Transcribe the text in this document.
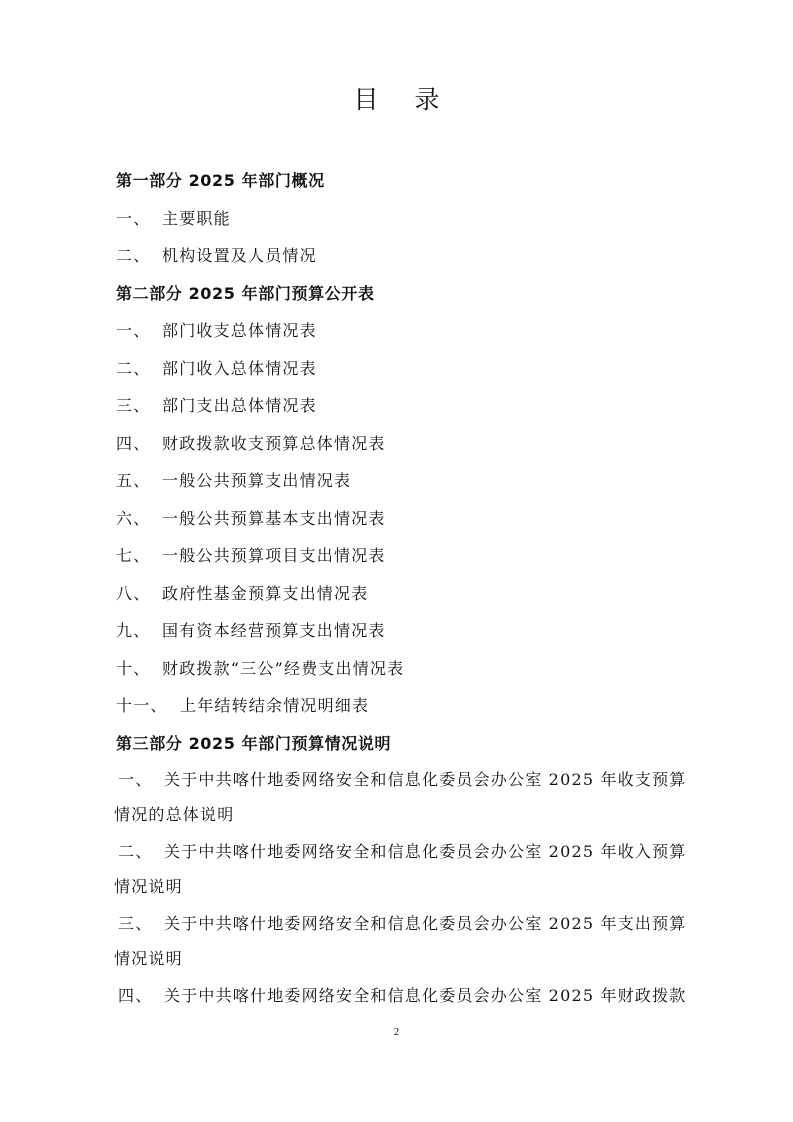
目 录
第一部分 2025 年部门概况
一、 主要职能
二、 机构设置及人员情况
第二部分 2025 年部门预算公开表
一、 部门收支总体情况表
二、 部门收入总体情况表
三、 部门支出总体情况表
四、 财政拨款收支预算总体情况表
五、 一般公共预算支出情况表
六、 一般公共预算基本支出情况表
七、 一般公共预算项目支出情况表
八、 政府性基金预算支出情况表
九、 国有资本经营预算支出情况表
十、 财政拨款“三公”经费支出情况表
十一、 上年结转结余情况明细表
第三部分 2025 年部门预算情况说明
一、 关于中共喀什地委网络安全和信息化委员会办公室 2025 年收支预算
情况的总体说明
二、 关于中共喀什地委网络安全和信息化委员会办公室 2025 年收入预算
情况说明
三、 关于中共喀什地委网络安全和信息化委员会办公室 2025 年支出预算
情况说明
四、 关于中共喀什地委网络安全和信息化委员会办公室 2025 年财政拨款
2
